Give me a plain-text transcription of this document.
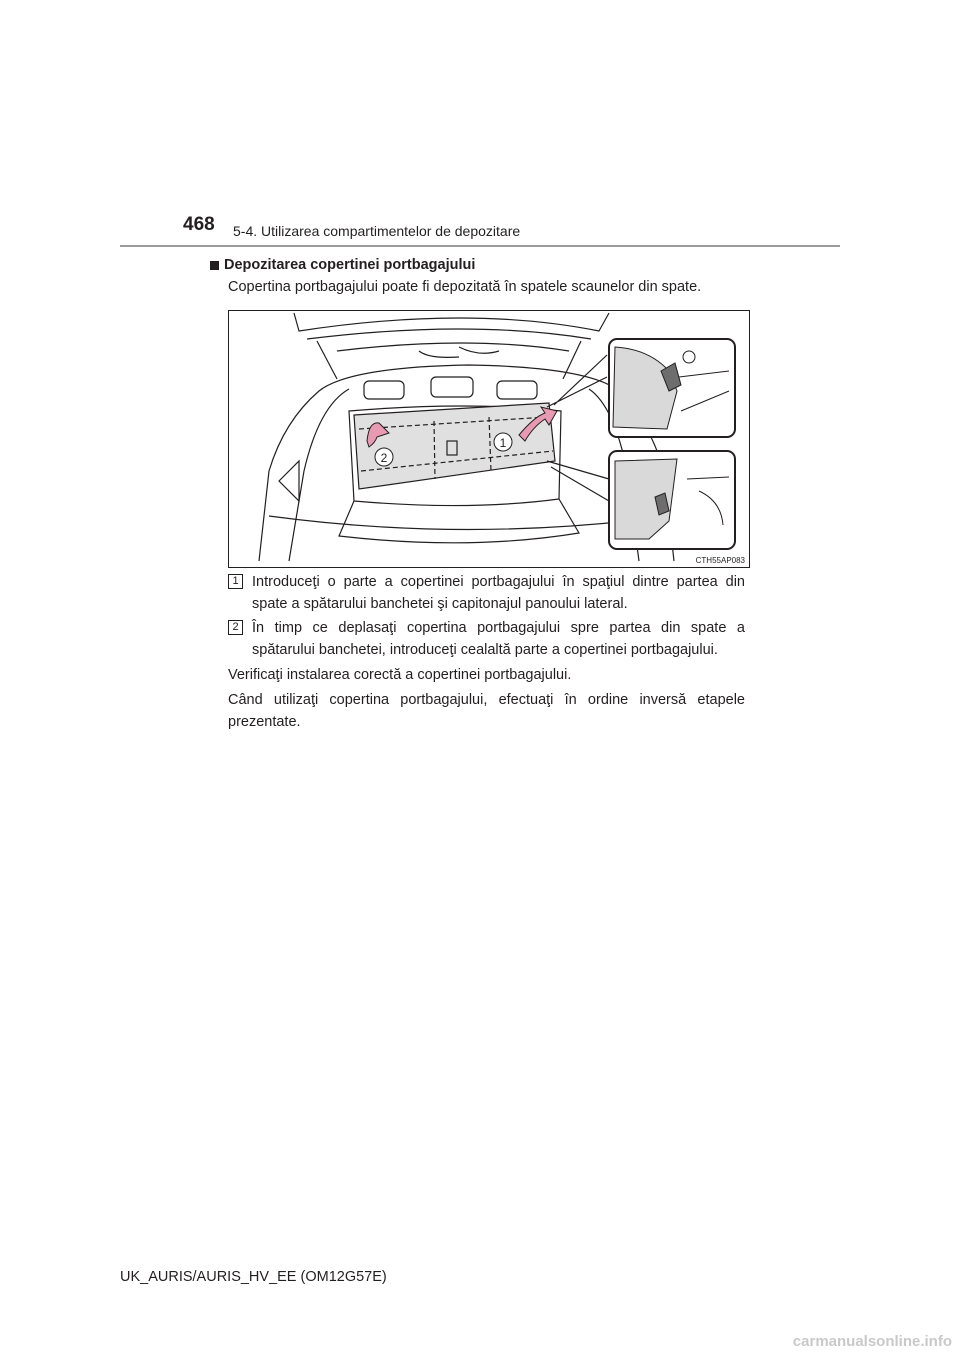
468 5-4. Utilizarea compartimentelor de depozitare
Depozitarea copertinei portbagajului
Copertina portbagajului poate fi depozitată în spatele scaunelor din spate.
1
2
CTH55AP083
1 Introduceţi o parte a copertinei portbagajului în spaţiul dintre partea din spate a spătarului banchetei şi capitonajul panoului lateral.
2 În timp ce deplasaţi copertina portbagajului spre partea din spate a spătarului banchetei, introduceţi cealaltă parte a copertinei portbagajului.
Verificaţi instalarea corectă a copertinei portbagajului.
Când utilizaţi copertina portbagajului, efectuaţi în ordine inversă etapele prezentate.
UK_AURIS/AURIS_HV_EE (OM12G57E)
carmanualsonline.info
